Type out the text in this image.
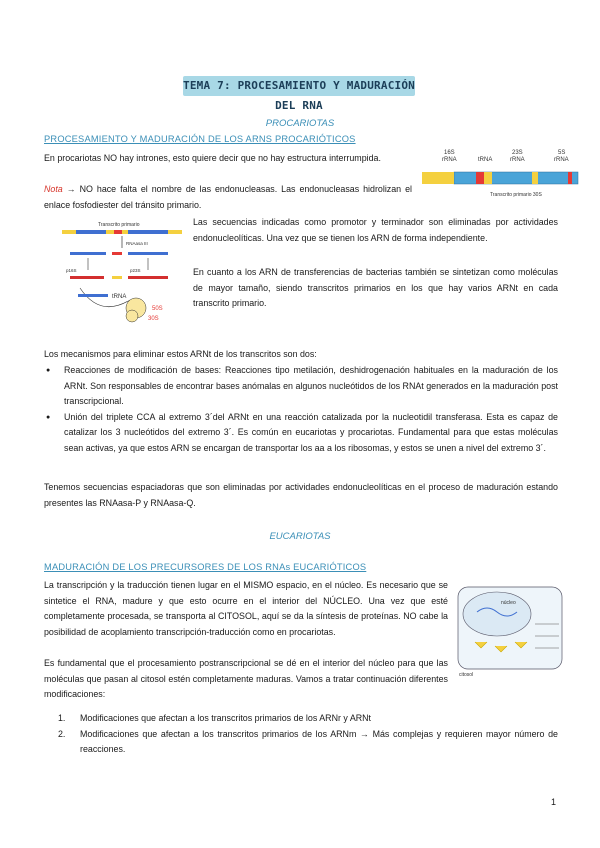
TEMA 7: PROCESAMIENTO Y MADURACIÓN DEL RNA
PROCARIOTAS
PROCESAMIENTO Y MADURACIÓN DE LOS ARNS PROCARIÓTICOS
En procariotas NO hay intrones, esto quiere decir que no hay estructura interrumpida.
Nota → NO hace falta el nombre de las endonucleasas. Las endonucleasas hidrolizan el enlace fosfodiester del tránsito primario.
16S
rRNA	tRNA
23S
rRNA
5S
rRNA
Transcrito primario 30S
Transcrito primario
RNAasa III
p16S	p23S
tRNA
50S
30S
Las secuencias indicadas como promotor y terminador son eliminadas por actividades endonucleolíticas. Una vez que se tienen los ARN de forma independiente.
En cuanto a los ARN de transferencias de bacterias también se sintetizan como moléculas de mayor tamaño, siendo transcritos primarios en los que hay varios ARNt en cada transcrito primario.
Los mecanismos para eliminar estos ARNt de los transcritos son dos:
● Reacciones de modificación de bases: Reacciones tipo metilación, deshidrogenación habituales en la maduración de los ARNt. Son responsables de encontrar bases anómalas en algunos nucleótidos de los RNAt generados en la maduración post transcripcional.
● Unión del triplete CCA al extremo 3´del ARNt en una reacción catalizada por la nucleotidil transferasa. Esta es capaz de catalizar los 3 nucleótidos del extremo 3´. Es común en eucariotas y procariotas. Fundamental para que estas moléculas sean activas, ya que estos ARN se encargan de transportar los aa a los ribosomas, y estos se unen a nivel del extremo 3´.
Tenemos secuencias espaciadoras que son eliminadas por actividades endonucleolíticas en el proceso de maduración estando presentes las RNAasa-P y RNAasa-Q.
EUCARIOTAS
MADURACIÓN DE LOS PRECURSORES DE LOS RNAs EUCARIÓTICOS
La transcripción y la traducción tienen lugar en el MISMO espacio, en el núcleo. Es necesario que se sintetice el RNA, madure y que esto ocurre en el interior del NÚCLEO. Una vez que esté completamente procesada, se transporta al CITOSOL, aquí se da la síntesis de proteínas. NO cabe la posibilidad de acoplamiento transcripción-traducción como en procariotas.
Es fundamental que el procesamiento postranscripcional se dé en el interior del núcleo para que las moléculas que pasan al citosol estén completamente maduras. Vamos a tratar continuación diferentes modificaciones:
núcleo
citosol
1. Modificaciones que afectan a los transcritos primarios de los ARNr y ARNt
2. Modificaciones que afectan a los transcritos primarios de los ARNm → Más complejas y requieren mayor número de reacciones.
1
